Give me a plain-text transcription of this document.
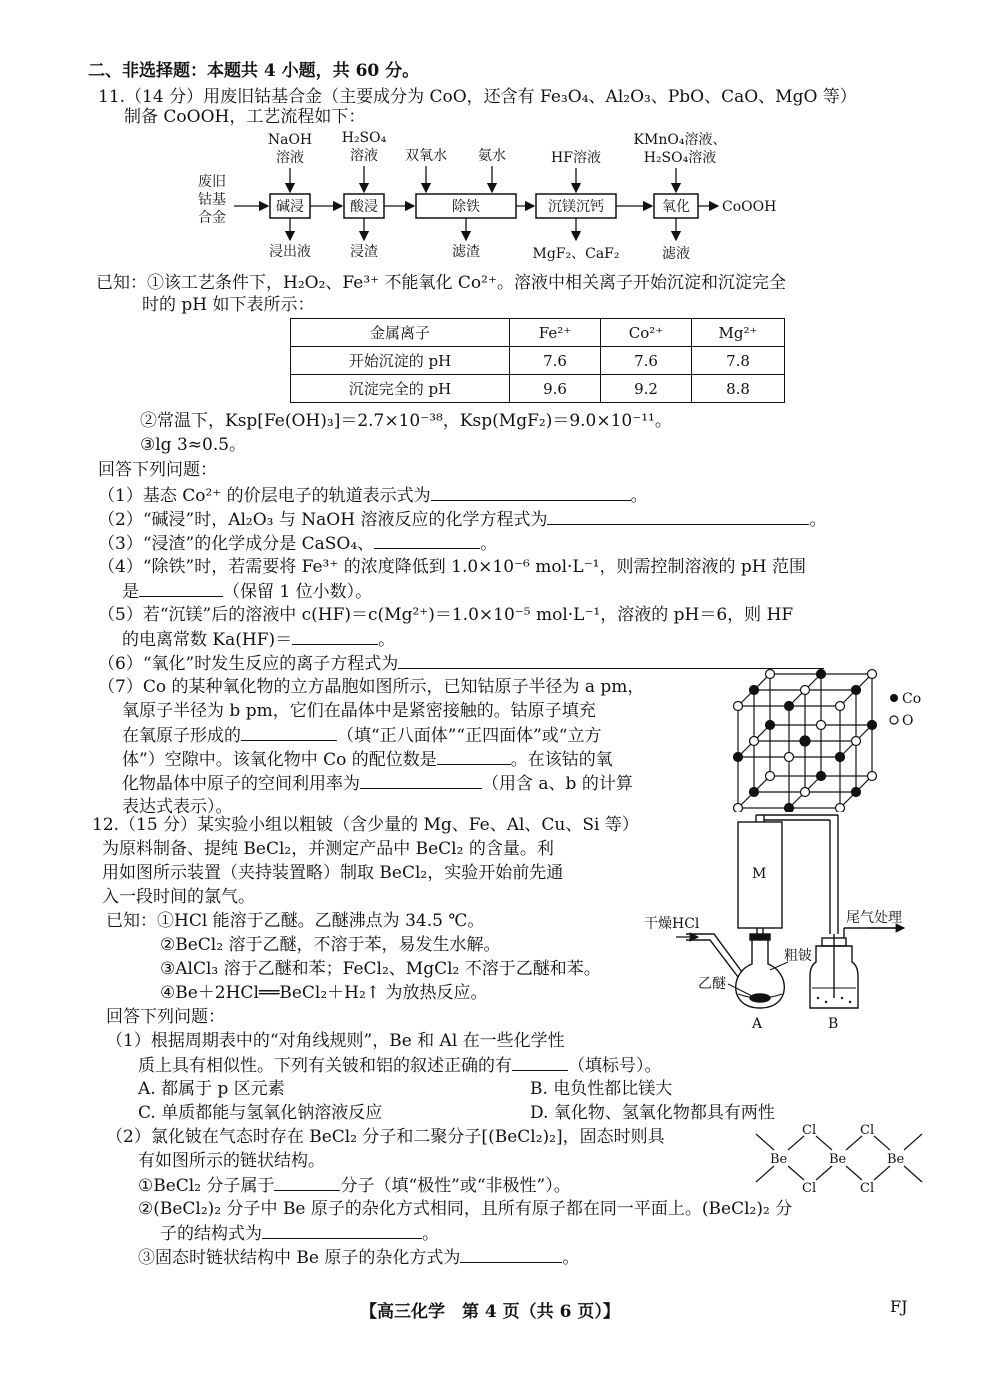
二、非选择题：本题共 4 小题，共 60 分。
11.（14 分）用废旧钴基合金（主要成分为 CoO，还含有 Fe₃O₄、Al₂O₃、PbO、CaO、MgO 等）
制备 CoOOH，工艺流程如下：
废旧
钴基
合金
NaOH
溶液
H₂SO₄
溶液 双氧水 氨水	HF溶液
KMnO₄溶液、
H₂SO₄溶液
碱浸	酸浸	除铁	沉镁沉钙	氧化 CoOOH
浸出液	浸渣	滤渣	MgF₂、CaF₂	滤液
已知：①该工艺条件下，H₂O₂、Fe³⁺ 不能氧化 Co²⁺。溶液中相关离子开始沉淀和沉淀完全
时的 pH 如下表所示：
金属离子	Fe²⁺	Co²⁺	Mg²⁺
开始沉淀的 pH	7.6	7.6	7.8
沉淀完全的 pH	9.6	9.2	8.8
②常温下，Ksp[Fe(OH)₃]＝2.7×10⁻³⁸，Ksp(MgF₂)＝9.0×10⁻¹¹。
③lg 3≈0.5。
回答下列问题：
（1）基态 Co²⁺ 的价层电子的轨道表示式为	。
（2）“碱浸”时，Al₂O₃ 与 NaOH 溶液反应的化学方程式为	。
（3）“浸渣”的化学成分是 CaSO₄、	。
（4）“除铁”时，若需要将 Fe³⁺ 的浓度降低到 1.0×10⁻⁶ mol·L⁻¹，则需控制溶液的 pH 范围
是	（保留 1 位小数）。
（5）若“沉镁”后的溶液中 c(HF)＝c(Mg²⁺)＝1.0×10⁻⁵ mol·L⁻¹，溶液的 pH＝6，则 HF
的电离常数 Ka(HF)＝	。
（6）“氧化”时发生反应的离子方程式为
（7）Co 的某种氧化物的立方晶胞如图所示，已知钴原子半径为 a pm，
氧原子半径为 b pm，它们在晶体中是紧密接触的。钴原子填充
在氧原子形成的	（填“正八面体”“正四面体”或“立方
体”）空隙中。该氧化物中 Co 的配位数是	。在该钴的氧
化物晶体中原子的空间利用率为	（用含 a、b 的计算
表达式表示）。
Co
O
12.（15 分）某实验小组以粗铍（含少量的 Mg、Fe、Al、Cu、Si 等）
为原料制备、提纯 BeCl₂，并测定产品中 BeCl₂ 的含量。利
用如图所示装置（夹持装置略）制取 BeCl₂，实验开始前先通
入一段时间的氯气。
已知：①HCl 能溶于乙醚。乙醚沸点为 34.5 ℃。
②BeCl₂ 溶于乙醚，不溶于苯，易发生水解。
③AlCl₃ 溶于乙醚和苯；FeCl₂、MgCl₂ 不溶于乙醚和苯。
④Be＋2HCl══BeCl₂＋H₂↑ 为放热反应。
回答下列问题：
（1）根据周期表中的“对角线规则”，Be 和 Al 在一些化学性
质上具有相似性。下列有关铍和铝的叙述正确的有	（填标号）。
A. 都属于 p 区元素	B. 电负性都比镁大
C. 单质都能与氢氧化钠溶液反应	D. 氧化物、氢氧化物都具有两性
（2）氯化铍在气态时存在 BeCl₂ 分子和二聚分子[(BeCl₂)₂]，固态时则具
有如图所示的链状结构。
①BeCl₂ 分子属于	分子（填“极性”或“非极性”）。
②(BeCl₂)₂ 分子中 Be 原子的杂化方式相同，且所有原子都在同一平面上。(BeCl₂)₂ 分
子的结构式为	。
③固态时链状结构中 Be 原子的杂化方式为	。
M
干燥HCl	尾气处理
粗铍
乙醚
A	B
Be	Be	Be
Cl
Cl
Cl
Cl
【高三化学　第 4 页（共 6 页）】	FJ
